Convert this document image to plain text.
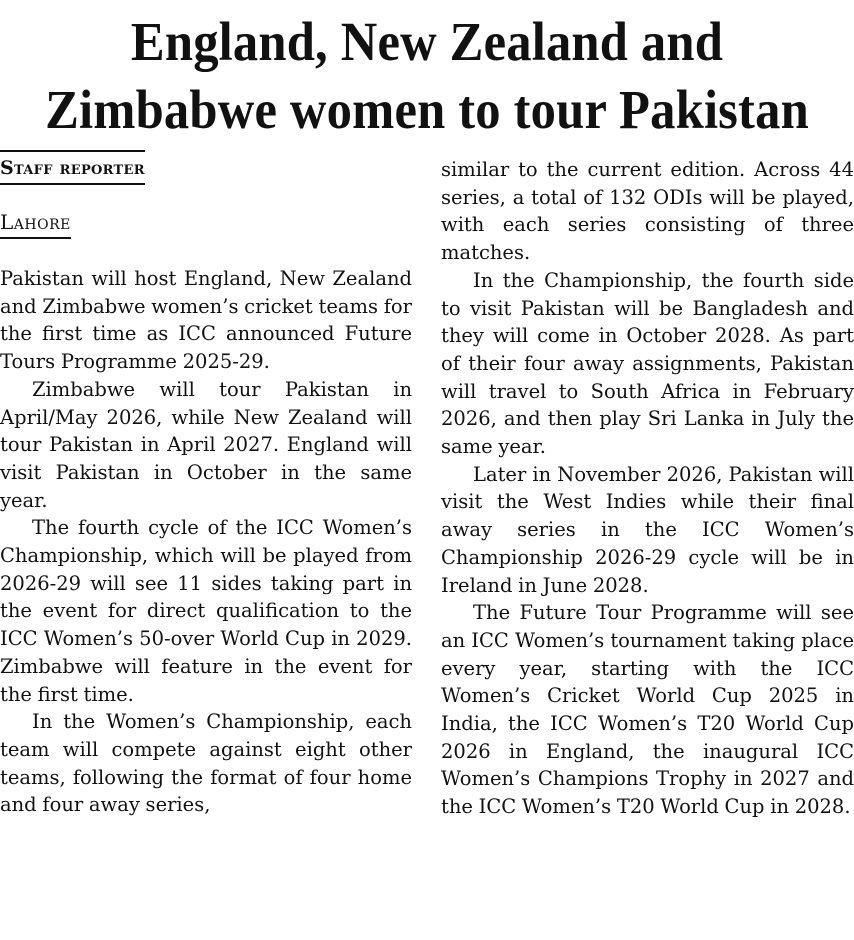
England, New Zealand and
Zimbabwe women to tour Pakistan
Staff reporter
Lahore

Pakistan will host England, New Zealand and Zimbabwe women’s cricket teams for the first time as ICC announced Future Tours Programme 2025-29.

Zimbabwe will tour Pakistan in April/May 2026, while New Zealand will tour Pakistan in April 2027. England will visit Pakistan in October in the same year.

The fourth cycle of the ICC Women’s Championship, which will be played from 2026-29 will see 11 sides taking part in the event for direct qualification to the ICC Women’s 50-over World Cup in 2029. Zimbabwe will feature in the event for the first time.

In the Women’s Championship, each team will compete against eight other teams, following the format of four home and four away series,

similar to the current edition. Across 44 series, a total of 132 ODIs will be played, with each series consisting of three matches.

In the Championship, the fourth side to visit Pakistan will be Bangladesh and they will come in October 2028. As part of their four away assignments, Pakistan will travel to South Africa in February 2026, and then play Sri Lanka in July the same year.

Later in November 2026, Pakistan will visit the West Indies while their final away series in the ICC Women’s Championship 2026-29 cycle will be in Ireland in June 2028.

The Future Tour Programme will see an ICC Women’s tournament taking place every year, starting with the ICC Women’s Cricket World Cup 2025 in India, the ICC Women’s T20 World Cup 2026 in England, the inaugural ICC Women’s Champions Trophy in 2027 and the ICC Women’s T20 World Cup in 2028.
